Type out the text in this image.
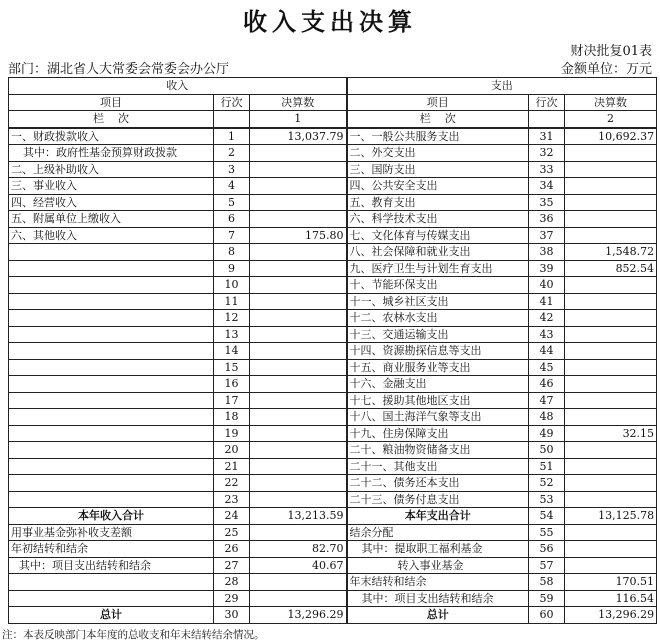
收入支出决算
财决批复01表
部门：湖北省人大常委会常委会办公厅	金额单位：万元
收入			支出		
项目	行次	决算数	项目	行次	决算数
栏    次		1	栏    次		2
一、财政拨款收入	1	13,037.79	一、一般公共服务支出	31	10,692.37
其中：政府性基金预算财政拨款	2		二、外交支出	32	
二、上级补助收入	3		三、国防支出	33	
三、事业收入	4		四、公共安全支出	34	
四、经营收入	5		五、教育支出	35	
五、附属单位上缴收入	6		六、科学技术支出	36	
六、其他收入	7	175.80	七、文化体育与传媒支出	37	
	8		八、社会保障和就业支出	38	1,548.72
	9		九、医疗卫生与计划生育支出	39	852.54
	10		十、节能环保支出	40	
	11		十一、城乡社区支出	41	
	12		十二、农林水支出	42	
	13		十三、交通运输支出	43	
	14		十四、资源勘探信息等支出	44	
	15		十五、商业服务业等支出	45	
	16		十六、金融支出	46	
	17		十七、援助其他地区支出	47	
	18		十八、国土海洋气象等支出	48	
	19		十九、住房保障支出	49	32.15
	20		二十、粮油物资储备支出	50	
	21		二十一、其他支出	51	
	22		二十二、债务还本支出	52	
	23		二十三、债务付息支出	53	
本年收入合计	24	13,213.59	本年支出合计	54	13,125.78
用事业基金弥补收支差额	25		结余分配	55	
年初结转和结余	26	82.70	其中：提取职工福利基金	56	
其中：项目支出结转和结余	27	40.67	转入事业基金	57	
	28		年末结转和结余	58	170.51
	29		其中：项目支出结转和结余	59	116.54
总计	30	13,296.29	总计	60	13,296.29
注：本表反映部门本年度的总收支和年末结转结余情况。
